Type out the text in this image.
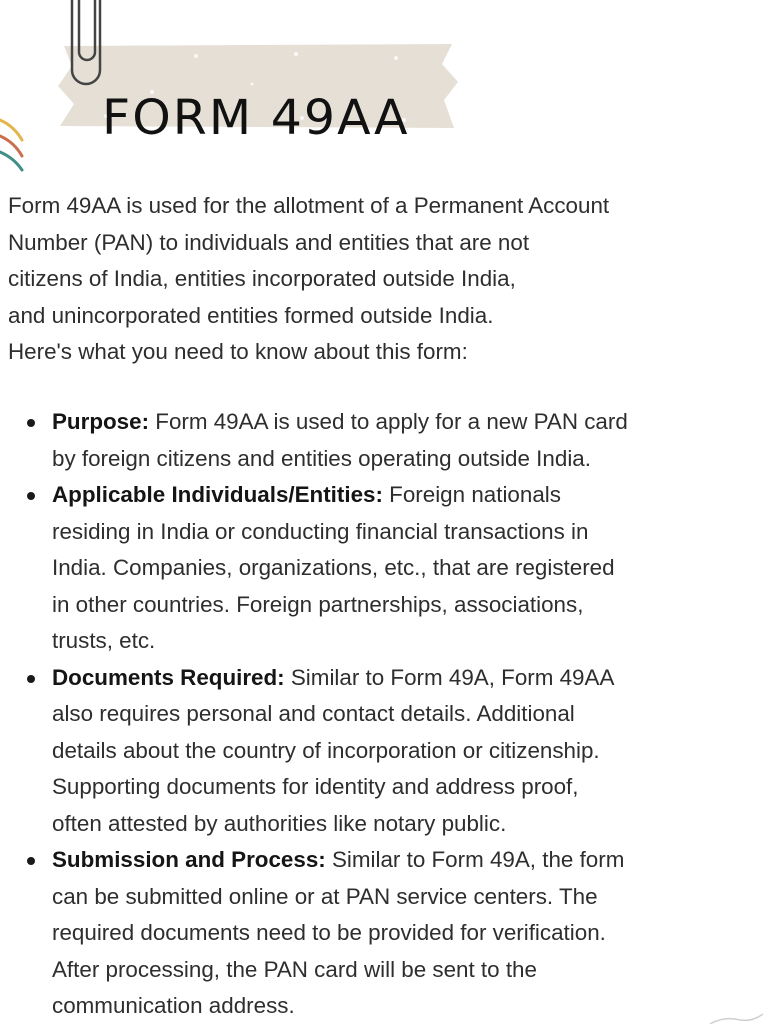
FORM 49AA
Form 49AA is used for the allotment of a Permanent Account
Number (PAN) to individuals and entities that are not
citizens of India, entities incorporated outside India,
and unincorporated entities formed outside India.
Here's what you need to know about this form:
Purpose: Form 49AA is used to apply for a new PAN card
by foreign citizens and entities operating outside India.
Applicable Individuals/Entities: Foreign nationals
residing in India or conducting financial transactions in
India. Companies, organizations, etc., that are registered
in other countries. Foreign partnerships, associations,
trusts, etc.
Documents Required: Similar to Form 49A, Form 49AA
also requires personal and contact details. Additional
details about the country of incorporation or citizenship.
Supporting documents for identity and address proof,
often attested by authorities like notary public.
Submission and Process: Similar to Form 49A, the form
can be submitted online or at PAN service centers. The
required documents need to be provided for verification.
After processing, the PAN card will be sent to the
communication address.
